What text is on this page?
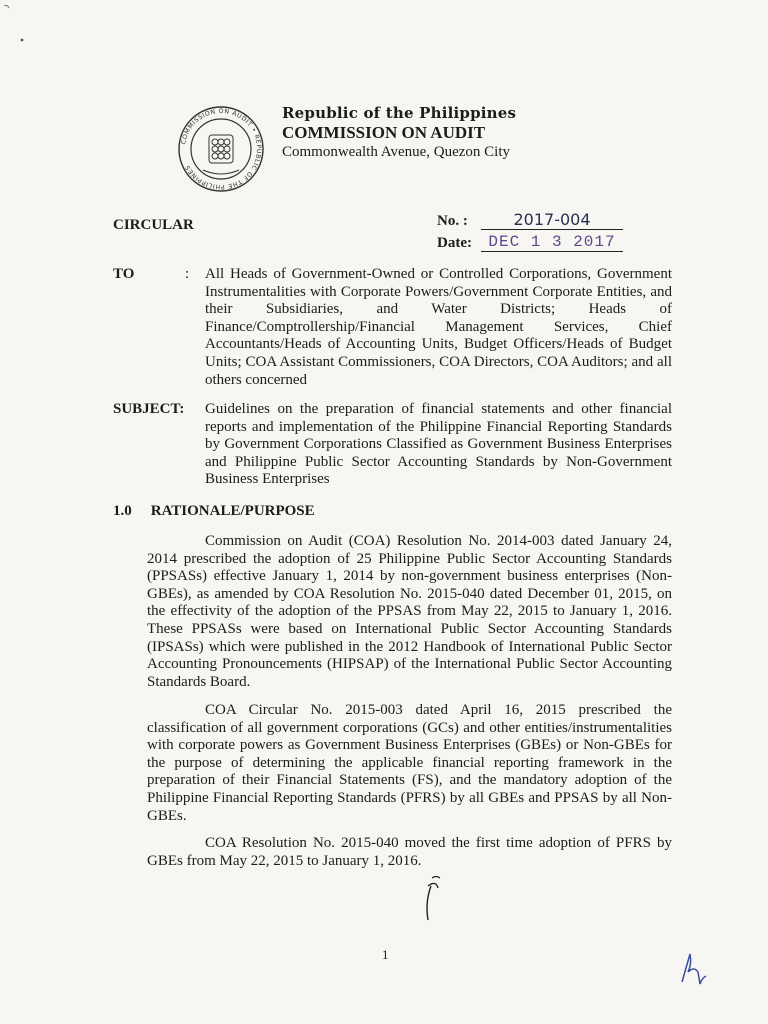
COMMISSION ON AUDIT • REPUBLIC OF THE PHILIPPINES
Republic of the Philippines
COMMISSION ON AUDIT
Commonwealth Avenue, Quezon City
CIRCULAR	No. :	2017-004
Date:	DEC 1 3 2017
TO	: All Heads of Government-Owned or Controlled Corporations, Government Instrumentalities with Corporate Powers/Government Corporate Entities, and their Subsidiaries, and Water Districts; Heads of Finance/Comptrollership/Financial Management Services, Chief Accountants/Heads of Accounting Units, Budget Officers/Heads of Budget Units; COA Assistant Commissioners, COA Directors, COA Auditors; and all others concerned
SUBJECT: Guidelines on the preparation of financial statements and other financial reports and implementation of the Philippine Financial Reporting Standards by Government Corporations Classified as Government Business Enterprises and Philippine Public Sector Accounting Standards by Non-Government Business Enterprises
1.0 RATIONALE/PURPOSE
Commission on Audit (COA) Resolution No. 2014-003 dated January 24, 2014 prescribed the adoption of 25 Philippine Public Sector Accounting Standards (PPSASs) effective January 1, 2014 by non-government business enterprises (Non-GBEs), as amended by COA Resolution No. 2015-040 dated December 01, 2015, on the effectivity of the adoption of the PPSAS from May 22, 2015 to January 1, 2016. These PPSASs were based on International Public Sector Accounting Standards (IPSASs) which were published in the 2012 Handbook of International Public Sector Accounting Pronouncements (HIPSAP) of the International Public Sector Accounting Standards Board.
COA Circular No. 2015-003 dated April 16, 2015 prescribed the classification of all government corporations (GCs) and other entities/instrumentalities with corporate powers as Government Business Enterprises (GBEs) or Non-GBEs for the purpose of determining the applicable financial reporting framework in the preparation of their Financial Statements (FS), and the mandatory adoption of the Philippine Financial Reporting Standards (PFRS) by all GBEs and PPSAS by all Non-GBEs.
COA Resolution No. 2015-040 moved the first time adoption of PFRS by GBEs from May 22, 2015 to January 1, 2016.
1
